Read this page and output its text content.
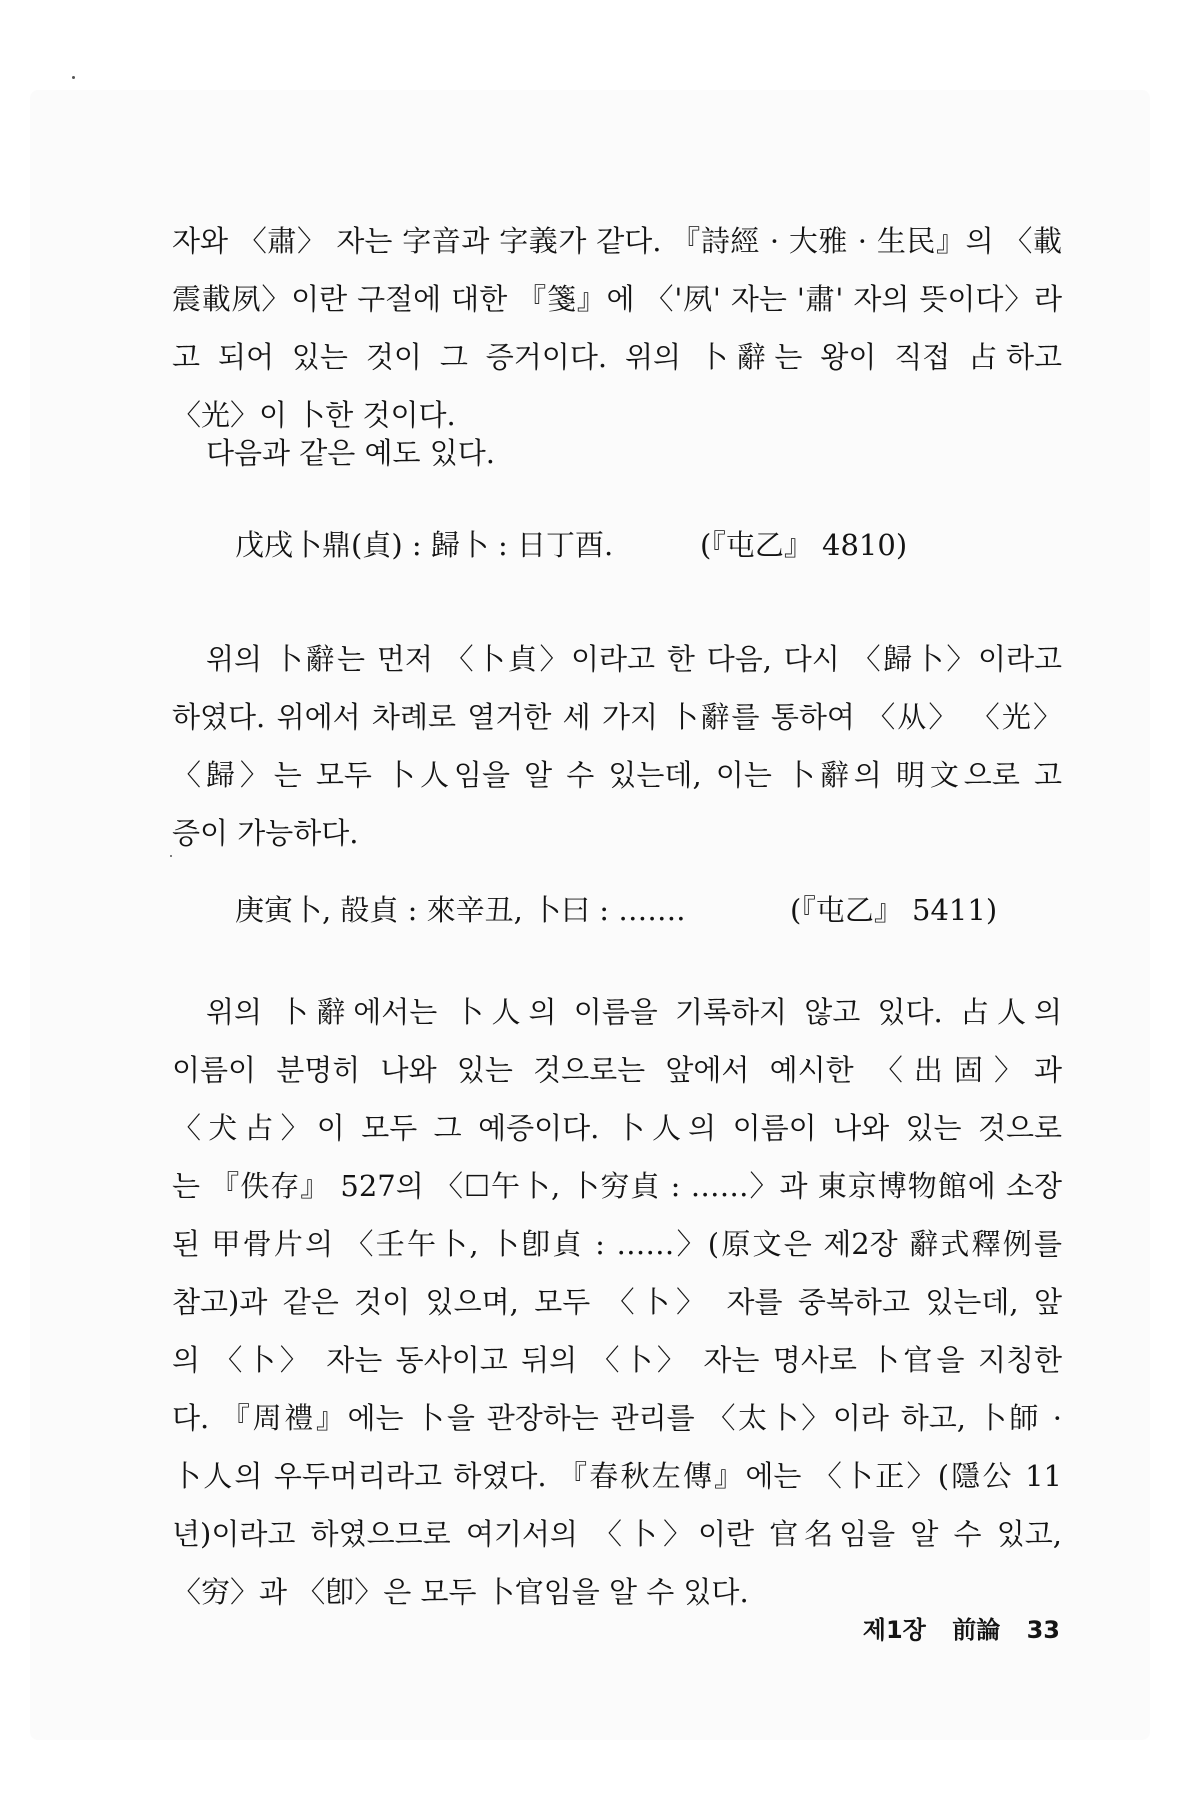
자와 〈肅〉 자는 字音과 字義가 같다. 『詩經 · 大雅 · 生民』의 〈載
震載夙〉이란 구절에 대한 『箋』에 〈'夙' 자는 '肅' 자의 뜻이다〉라
고 되어 있는 것이 그 증거이다. 위의 卜辭는 왕이 직접 占하고
〈光〉이 卜한 것이다.
다음과 같은 예도 있다.
戊戌卜鼎(貞) : 歸卜 : 日丁酉.	(『屯乙』 4810)
위의 卜辭는 먼저 〈卜貞〉이라고 한 다음, 다시 〈歸卜〉이라고
하였다. 위에서 차례로 열거한 세 가지 卜辭를 통하여 〈从〉 〈光〉
〈歸〉는 모두 卜人임을 알 수 있는데, 이는 卜辭의 明文으로 고
증이 가능하다.
庚寅卜, 㱿貞 : 來辛丑, 卜曰 : …….	(『屯乙』 5411)
위의 卜辭에서는 卜人의 이름을 기록하지 않고 있다. 占人의
이름이 분명히 나와 있는 것으로는 앞에서 예시한 〈出固〉과
〈犬占〉이 모두 그 예증이다. 卜人의 이름이 나와 있는 것으로
는 『佚存』 527의 〈☐午卜, 卜穷貞 : ……〉과 東京博物館에 소장
된 甲骨片의 〈壬午卜, 卜卽貞 : ……〉(原文은 제2장 辭式釋例를
참고)과 같은 것이 있으며, 모두 〈卜〉 자를 중복하고 있는데, 앞
의 〈卜〉 자는 동사이고 뒤의 〈卜〉 자는 명사로 卜官을 지칭한
다. 『周禮』에는 卜을 관장하는 관리를 〈太卜〉이라 하고, 卜師 ·
卜人의 우두머리라고 하였다. 『春秋左傳』에는 〈卜正〉(隱公 11
년)이라고 하였으므로 여기서의 〈卜〉이란 官名임을 알 수 있고,
〈穷〉과 〈卽〉은 모두 卜官임을 알 수 있다.
제1장 前論 33
